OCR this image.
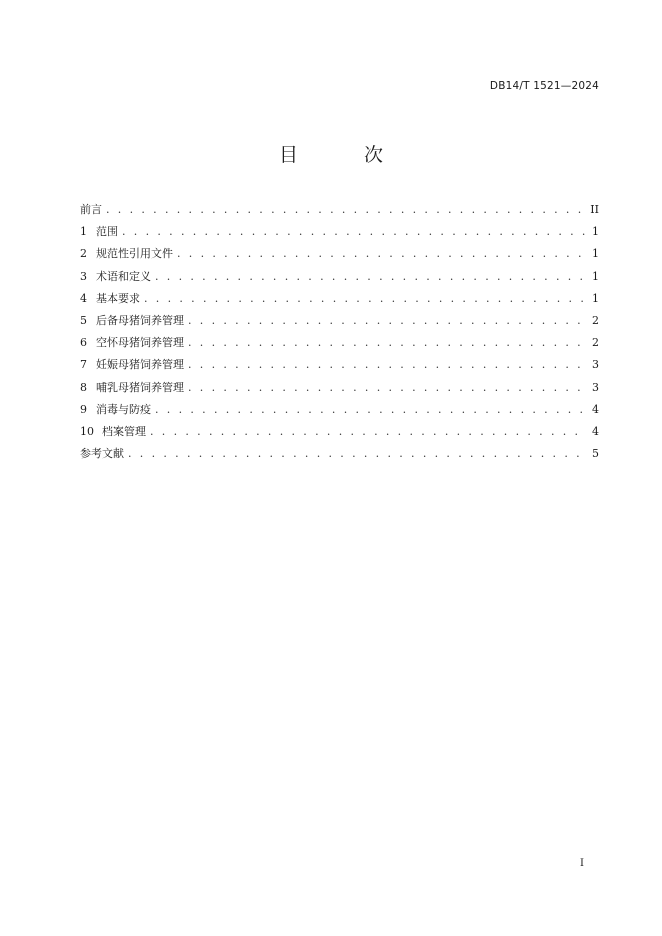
DB14/T 1521—2024
目 次
前言 . . .	II
1 范围 . . .	1
2 规范性引用文件 . . .	1
3 术语和定义 . . .	1
4 基本要求 . . .	1
5 后备母猪饲养管理 . . .	2
6 空怀母猪饲养管理 . . .	2
7 妊娠母猪饲养管理 . . .	3
8 哺乳母猪饲养管理 . . .	3
9 消毒与防疫 . . .	4
10 档案管理 . . .	4
参考文献 . . .	5
I
